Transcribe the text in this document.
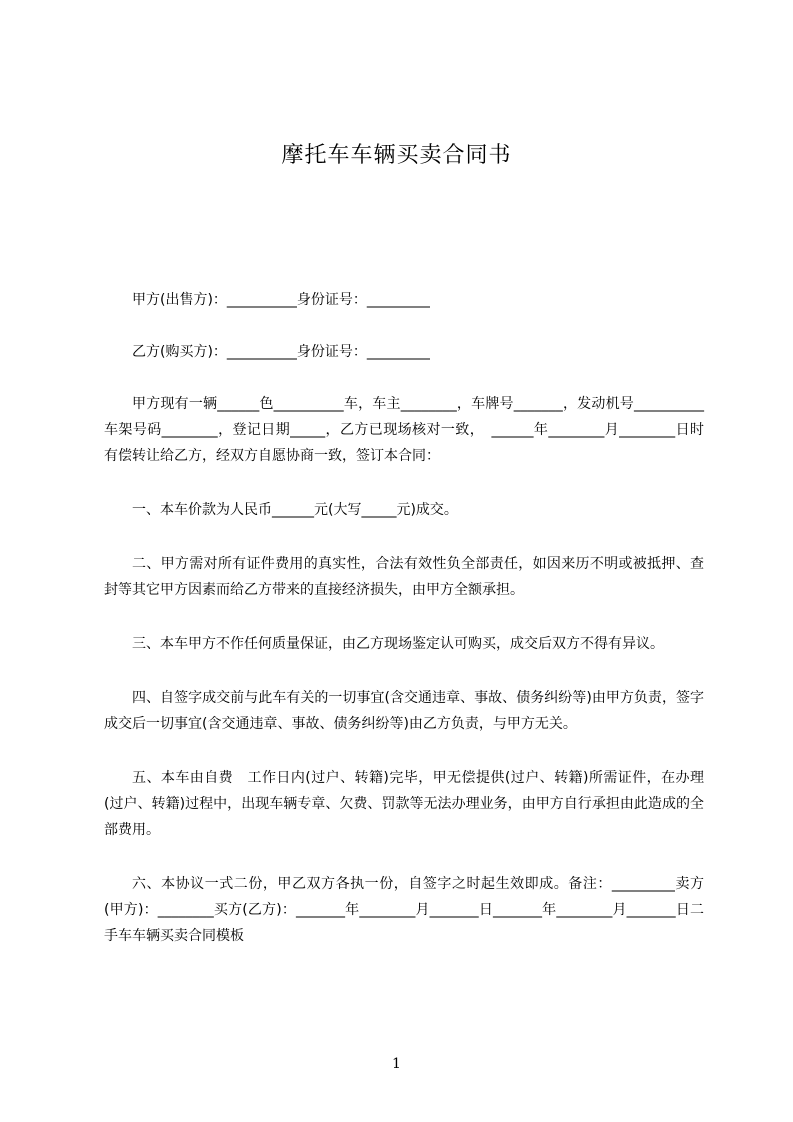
摩托车车辆买卖合同书

甲方(出售方)：__________身份证号：_________

乙方(购买方)：__________身份证号：_________

甲方现有一辆______色__________车，车主________，车牌号_______，发动机号__________车架号码________，登记日期_____，乙方已现场核对一致，　______年________月________日时有偿转让给乙方，经双方自愿协商一致，签订本合同：

一、本车价款为人民币______元(大写_____元)成交。

二、甲方需对所有证件费用的真实性，合法有效性负全部责任，如因来历不明或被抵押、查封等其它甲方因素而给乙方带来的直接经济损失，由甲方全额承担。

三、本车甲方不作任何质量保证，由乙方现场鉴定认可购买，成交后双方不得有异议。

四、自签字成交前与此车有关的一切事宜(含交通违章、事故、债务纠纷等)由甲方负责，签字成交后一切事宜(含交通违章、事故、债务纠纷等)由乙方负责，与甲方无关。

五、本车由自费　工作日内(过户、转籍)完毕，甲无偿提供(过户、转籍)所需证件，在办理(过户、转籍)过程中，出现车辆专章、欠费、罚款等无法办理业务，由甲方自行承担由此造成的全部费用。

六、本协议一式二份，甲乙双方各执一份，自签字之时起生效即成。备注：_________卖方(甲方)：________买方(乙方)：_______年________月_______日_______年________月_______日二手车车辆买卖合同模板

1
